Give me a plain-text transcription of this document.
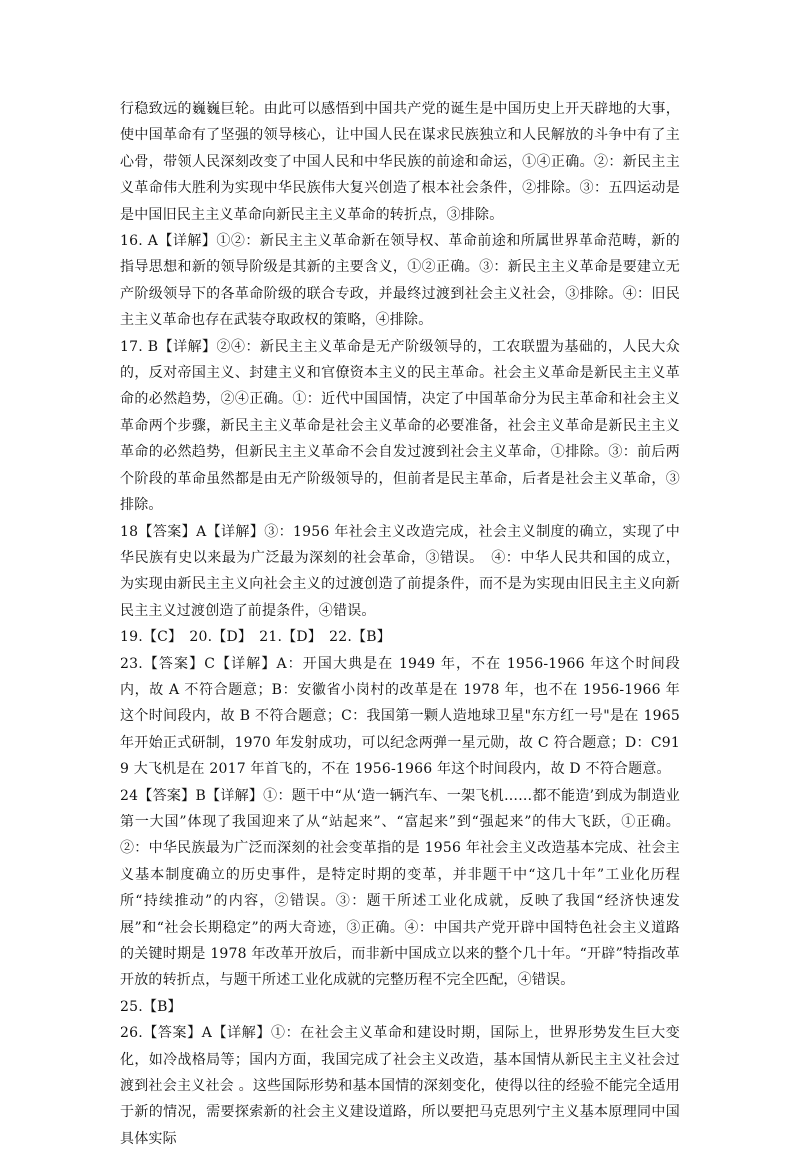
行稳致远的巍巍巨轮。由此可以感悟到中国共产党的诞生是中国历史上开天辟地的大事，使中国革命有了坚强的领导核心，让中国人民在谋求民族独立和人民解放的斗争中有了主心骨，带领人民深刻改变了中国人民和中华民族的前途和命运，①④正确。②：新民主主义革命伟大胜利为实现中华民族伟大复兴创造了根本社会条件，②排除。③：五四运动是是中国旧民主主义革命向新民主主义革命的转折点，③排除。

16. A【详解】①②：新民主主义革命新在领导权、革命前途和所属世界革命范畴，新的指导思想和新的领导阶级是其新的主要含义，①②正确。③：新民主主义革命是要建立无产阶级领导下的各革命阶级的联合专政，并最终过渡到社会主义社会，③排除。④：旧民主主义革命也存在武装夺取政权的策略，④排除。

17. B【详解】②④：新民主主义革命是无产阶级领导的，工农联盟为基础的，人民大众的，反对帝国主义、封建主义和官僚资本主义的民主革命。社会主义革命是新民主主义革命的必然趋势，②④正确。①：近代中国国情，决定了中国革命分为民主革命和社会主义革命两个步骤，新民主主义革命是社会主义革命的必要准备，社会主义革命是新民主主义革命的必然趋势，但新民主主义革命不会自发过渡到社会主义革命，①排除。③：前后两个阶段的革命虽然都是由无产阶级领导的，但前者是民主革命，后者是社会主义革命，③排除。

18【答案】A【详解】③：1956 年社会主义改造完成，社会主义制度的确立，实现了中华民族有史以来最为广泛最为深刻的社会革命，③错误。　④：中华人民共和国的成立，为实现由新民主主义向社会主义的过渡创造了前提条件，而不是为实现由旧民主主义向新民主主义过渡创造了前提条件，④错误。

19.【C】　20.【D】　21.【D】　22.【B】

23.【答案】C【详解】A：开国大典是在 1949 年，不在 1956-1966 年这个时间段内，故 A 不符合题意；B：安徽省小岗村的改革是在 1978 年，也不在 1956-1966 年这个时间段内，故 B 不符合题意；C：我国第一颗人造地球卫星"东方红一号"是在 1965 年开始正式研制，1970 年发射成功，可以纪念两弹一星元勋，故 C 符合题意；D：C919 大飞机是在 2017 年首飞的，不在 1956-1966 年这个时间段内，故 D 不符合题意。

24【答案】B【详解】①：题干中“从‘造一辆汽车、一架飞机……都不能造’到成为制造业第一大国”体现了我国迎来了从“站起来”、“富起来”到“强起来”的伟大飞跃，①正确。②：中华民族最为广泛而深刻的社会变革指的是 1956 年社会主义改造基本完成、社会主义基本制度确立的历史事件，是特定时期的变革，并非题干中“这几十年”工业化历程所“持续推动”的内容，②错误。③：题干所述工业化成就，反映了我国“经济快速发展”和“社会长期稳定”的两大奇迹，③正确。④：中国共产党开辟中国特色社会主义道路的关键时期是 1978 年改革开放后，而非新中国成立以来的整个几十年。“开辟”特指改革开放的转折点，与题干所述工业化成就的完整历程不完全匹配，④错误。

25.【B】

26.【答案】A【详解】①：在社会主义革命和建设时期，国际上，世界形势发生巨大变化，如冷战格局等；国内方面，我国完成了社会主义改造，基本国情从新民主主义社会过渡到社会主义社会 。这些国际形势和基本国情的深刻变化，使得以往的经验不能完全适用于新的情况，需要探索新的社会主义建设道路，所以要把马克思列宁主义基本原理同中国具体实际
